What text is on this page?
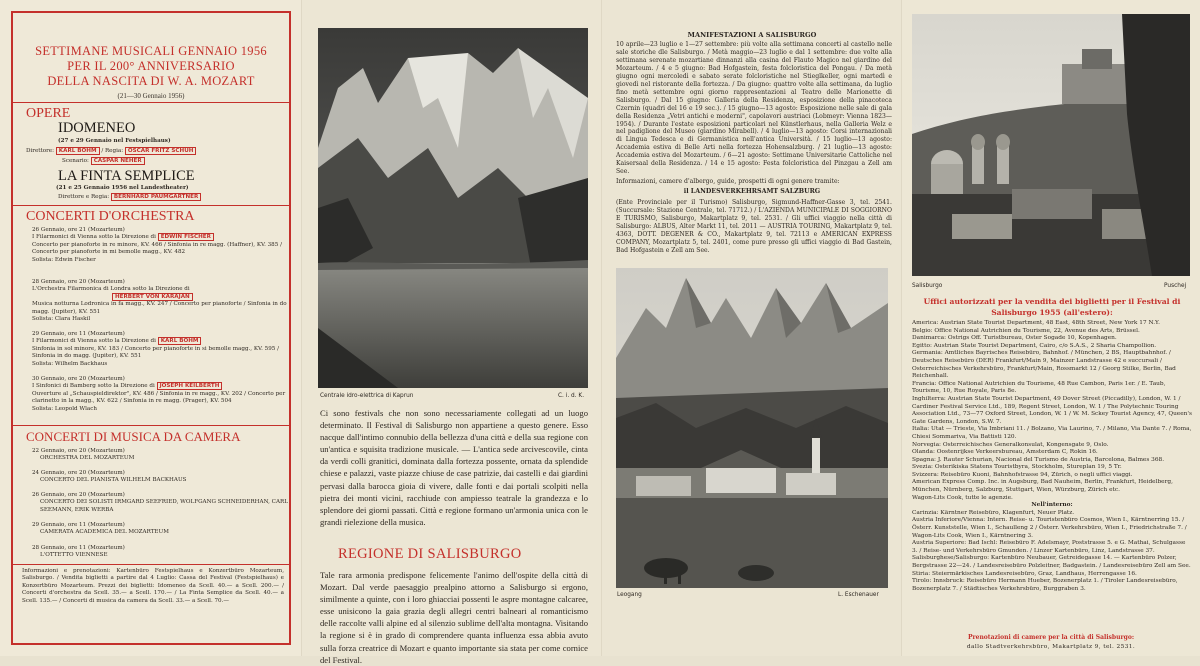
SETTIMANE MUSICALI GENNAIO 1956
PER IL 200° ANNIVERSARIO
DELLA NASCITA DI W. A. MOZART
(21—30 Gennaio 1956)
OPERE
IDOMENEO
(27 e 29 Gennaio nel Festspielhaus)
Direttore: KARL BÖHM / Regia: OSCAR FRITZ SCHUH
Scenario: CASPAR NEHER
LA FINTA SEMPLICE
(21 e 25 Gennaio 1956 nel Landestheater)
Direttore e Regia: BERNHARD PAUMGARTNER
CONCERTI D'ORCHESTRA
26 Gennaio, ore 21 (Mozarteum)
I Filarmonici di Vienna sotto la Direzione di EDWIN FISCHER
Concerto per pianoforte in re minore, KV. 466 / Sinfonia in re magg. (Haffner), KV. 385 / Concerto per pianoforte in mi bemolle magg., KV. 482
Solista: Edwin Fischer
28 Gennaio, ore 20 (Mozarteum)
L'Orchestra Filarmonica di Londra sotto la Direzione di
HERBERT VON KARAJAN
Musica notturna Lodronica in fa magg., KV. 247 / Concerto per pianoforte / Sinfonia in do magg. (Jupiter), KV. 551
Solista: Clara Haskil
29 Gennaio, ore 11 (Mozarteum)
I Filarmonici di Vienna sotto la Direzione di KARL BÖHM
Sinfonia in sol minore, KV. 183 / Concerto per pianoforte in si bemolle magg., KV. 595 / Sinfonia in do magg. (Jupiter), KV. 551
Solista: Wilhelm Backhaus
30 Gennaio, ore 20 (Mozarteum)
I Sinfonici di Bamberg sotto la Direzione di JOSEPH KEILBERTH
Ouverture al „Schauspieldirektor", KV. 486 / Sinfonia in re magg., KV. 202 / Concerto per clarinetto in la magg., KV. 622 / Sinfonia in re magg. (Prager), KV. 504
Solista: Leopold Wlach
CONCERTI DI MUSICA DA CAMERA
22 Gennaio, ore 20 (Mozarteum)
ORCHESTRA DEL MOZARTEUM
24 Gennaio, ore 20 (Mozarteum)
CONCERTO DEL PIANISTA WILHELM BACKHAUS
26 Gennaio, ore 20 (Mozarteum)
CONCERTO DEI SOLISTI IRMGARD SEEFRIED, WOLFGANG SCHNEIDERHAN, CARL SEEMANN, ERIK WERBA
29 Gennaio, ore 11 (Mozarteum)
CAMERATA ACADEMICA DEL MOZARTEUM
28 Gennaio, ore 11 (Mozarteum)
L'OTTETTO VIENNESE
Informazioni e prenotazioni: Kartenbüro Festspielhaus e Konzertbüro Mozarteum, Salisburgo. / Vendita biglietti a partire dal 4 Luglio: Cassa del Festival (Festspielhaus) e Konzertbüro Mozarteum. Prezzi dei biglietti: Idomeneo da Scell. 40.— a Scell. 200.— / Concerti d'orchestra da Scell. 35.— a Scell. 170.— / La Finta Semplice da Scell. 40.— a Scell. 135.— / Concerti di musica da camera da Scell. 33.— a Scell. 70.—
Centrale idro-elettrica di Kaprun	C. i. d. K.
Ci sono festivals che non sono necessariamente collegati ad un luogo determinato. Il Festival di Salisburgo non appartiene a questo genere. Esso nacque dall'intimo connubio della bellezza d'una città e della sua regione con un'antica e squisita tradizione musicale. — L'antica sede arcivescovile, cinta da verdi colli granitici, dominata dalla fortezza possente, ornata da splendide chiese e palazzi, vaste piazze chiuse de case patrizie, dai castelli e dai giardini pervasi dalla barocca gioia di vivere, dalle fonti e dai portali scolpiti nella pietra dei monti vicini, racchiude con ampiesso teatrale la grandezza e lo splendore dei giorni passati. Città e regione formano un'armonia unica con le grandi rielezione della musica.
REGIONE DI SALISBURGO
Tale rara armonia predispone felicemente l'animo dell'ospite della città di Mozart. Dal verde paesaggio prealpino attorno a Salisburgo si ergono, similmente a quinte, con i loro ghiacciai possenti le aspre montagne calcaree, esse unisicono la gaia grazia degli allegri centri balneari al romanticismo delle raccolte valli alpine ed al silenzio sublime dell'alta montagna. Visitando la regione si è in grado di comprendere quanta influenza essa abbia avuto sulla forza creatrice di Mozart e quanto importante sia stata per come cornice del Festival.
MANIFESTAZIONI A SALISBURGO
10 aprile—23 luglio e 1—27 settembre: più volte alla settimana concerti al castello nelle sale storiche dle Salisburgo. / Metà maggio—23 luglio e dal 1 settembre: due volte alla settimana serenate mozartiane dinnanzi alla casina del Flauto Magico nel giardino del Mozarteum. / 4 e 5 giugno: Bad Hofgastein, festa folcloristica del Pongau. / Da metà giugno ogni mercoledì e sabato serate folcloristiche nel Stieglkeller, ogni martedì e giovedì nel ristorante della fortezza. / Da giugno: quattro volte alla settimana, da luglio fino metà settembre ogni giorno rappresentazioni al Teatro delle Marionette di Salisburgo. / Dal 15 giugno: Galleria della Residenza, esposizione della pinacoteca Czernin (quadri del 16 e 19 sec.). / 15 giugno—13 agosto: Esposizione nelle sale di gala della Residenza „Vetri antichi e moderni", capolavori austriaci (Lobmeyr: Vienna 1823—1954). / Durante l'estate esposizioni particolari nel Künstlerhaus, nella Galleria Welz e nel padiglione del Museo (giardino Mirabell). / 4 luglio—13 agosto: Corsi internazionali di Lingua Tedesca e di Germanistica nell'antica Università. / 15 luglio—13 agosto: Accademia estiva di Belle Arti nella fortezza Hohensalzburg. / 21 luglio—13 agosto: Accademia estiva del Mozarteum. / 6—21 agosto: Settimane Universitarie Cattoliche nel Kaisersaal della Residenza. / 14 e 15 agosto: Festa folcloristica del Pinzgau a Zell am See.
Informazioni, camere d'albergo, guide, prospetti di ogni genere tramite:
il LANDESVERKEHRSAMT SALZBURG
(Ente Provinciale per il Turismo) Salisburgo, Sigmund-Haffner-Gasse 3, tel. 2541. (Succursale: Stazione Centrale, tel. 71712.) / L'AZIENDA MUNICIPALE DI SOGGIORNO E TURISMO, Salisburgo, Makartplatz 9, tel. 2531. / Gli uffici viaggio nella città di Salisburgo: ALBUS, Alter Markt 11, tel. 2011 — AUSTRIA TOURING, Makartplatz 9, tel. 4363, DOTT. DEGENER & CO., Makartplatz 9, tel. 72113 e AMERICAN EXPRESS COMPANY, Mozartplatz 5, tel. 2401, come pure presso gli uffici viaggio di Bad Gastein, Bad Hofgastein e Zell am See.
Leogang	L. Eschenauer
Salisburgo	Puschej
Uffici autorizzati per la vendita dei biglietti per il Festival di Salisburgo 1955 (all'estero):
America: Austrian State Tourist Department, 48 East, 48th Street, New York 17 N.Y.
Belgio: Office National Autrichien du Tourisme, 22, Avenue des Arts, Brüssel.
Danimarca: Ostrigs Off. Turistbureau, Oster Sogade 10, Kopenhagen.
Egitto: Austrian State Tourist Department, Cairo, c/o S.A.S., 2 Sharia Champollion.
Germania: Amtliches Bayrisches Reisebüro, Bahnhof. / München, 2 BS, Hauptbahnhof. / Deutsches Reisebüro (DER) Frankfurt/Main 9, Mainzer Landstrasse 42 e succursali / Osterreichisches Verkehrsbüro, Frankfurt/Main, Rossmarkt 12 / Georg Stilke, Berlin, Bad Reichenhall.
Francia: Office National Autrichien du Tourisme, 48 Rue Cambon, Paris 1er. / E. Taub, Tourisme, 10, Rue Royale, Paris 8e.
Inghilterra: Austrian State Tourist Department, 49 Dover Street (Piccadilly), London, W. 1 / Cardiner Festival Service Ltd., 189, Regent Street, London, W. 1 / The Polytechnic Touring Association Ltd., 73—77 Oxford Street, London, W. 1 / W. M. Sckey Tourist Agency, 47, Queen's Gate Gardens, London, S.W. 7.
Italia: Utat — Trieste, Via Imbriani 11. / Bolzano, Via Laurino, 7. / Milano, Via Dante 7. / Roma, Chiesi Sommariva, Via Battisti 120.
Norvegia: Osterreichisches Generalkonsulat, Kongensgate 9, Oslo.
Olanda: Oostenrijkse Verkeersbureau, Amsterdam C, Rokin 16.
Spagna: J. Rauter Schurian, Nacional del Turismo de Austria, Barcelona, Balmes 368.
Svezia: Osterikiska Statens Touristbyra, Stockholm, Stureplan 19, 5 Tr.
Svizzera: Reisebüro Kuoni, Bahnhofstrasse 94, Zürich, o negli uffici viaggi.
American Express Comp. Inc. in Augsburg, Bad Nauheim, Berlin, Frankfurt, Heidelberg, München, Nürnberg, Salzburg, Stuttgart, Wien, Würzburg, Zürich etc.
Wagon-Lits Cook, tutte le agenzie.
Nell'interno:
Carinzia: Kärntner Reisebüro, Klagenfurt, Neuer Platz.
Austria Inferiore/Vienna: Intern. Reise- u. Touristenbüro Cosmos, Wien I., Kärntnerring 15. / Österr. Kunststelle, Wien I., Schaulleng 2 / Österr. Verkehrsbüro, Wien I., Friedrichstraße 7. / Wagon-Lits Cook, Wien I., Kärntnering 3.
Austria Superiore: Bad Ischl: Reisebüro F. Adelsmayr, Poststrasse 5. e G. Mathai, Schulgasse 3. / Reise- und Verkehrsbüro Gmunden. / Linzer Kartenbüro, Linz, Landstrasse 37.
Salisburghese/Salisburgo: Kartenbüro Neubauer, Getreidegasse 14. — Kartenbüro Polzer, Bergstrasse 22—24. / Landesreisebüro Polzleitner, Badgastein. / Landesreisebüro Zell am See.
Stiria: Steiermärkisches Landesreisebüro, Graz, Landhaus, Herrengasse 16.
Tirolo: Innsbruck: Reisebüro Hermann Hueber, Bozenerplatz 1. / Tiroler Landesreisebüro, Bozenerplatz 7. / Städtisches Verkehrsbüro, Burggraben 3.
Prenotazioni di camere per la città di Salisburgo:
dallo Stadtverkehrsbüro, Makartplatz 9, tel. 2531.
